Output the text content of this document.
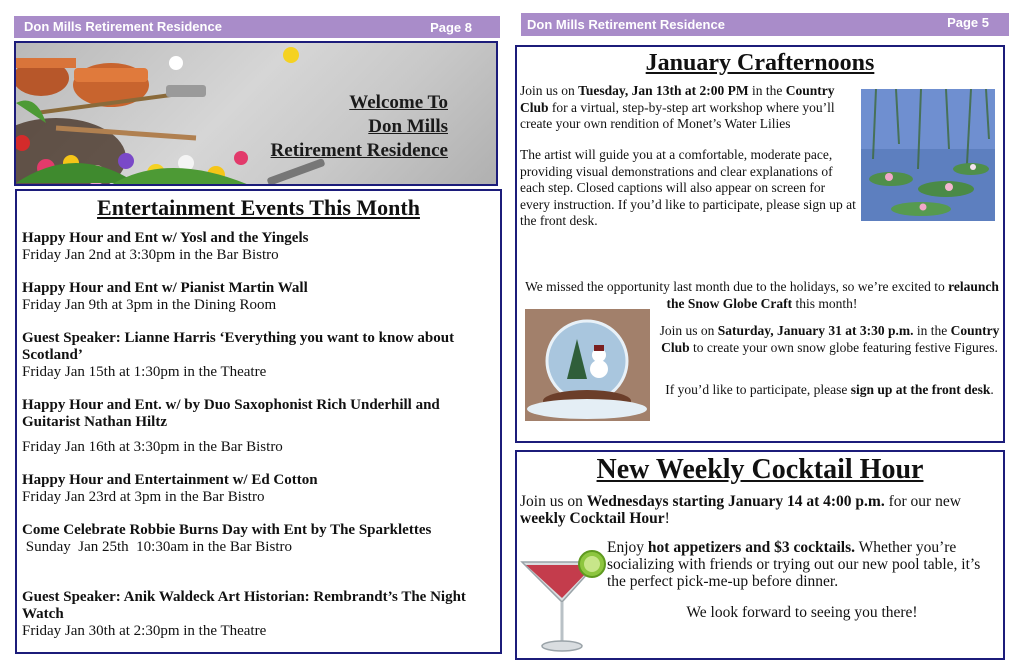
Don Mills Retirement Residence	Page 8	Don Mills Retirement Residence	Page 5
Welcome To
Don Mills
Retirement Residence
Entertainment Events This Month
Happy Hour and Ent w/ Yosl and the Yingels
Friday Jan 2nd at 3:30pm in the Bar Bistro
Happy Hour and Ent w/ Pianist Martin Wall
Friday Jan 9th at 3pm in the Dining Room
Guest Speaker: Lianne Harris ‘Everything you want to know about Scotland’
Friday Jan 15th at 1:30pm in the Theatre
Happy Hour and Ent. w/ by Duo Saxophonist Rich Underhill and Guitarist Nathan Hiltz
Friday Jan 16th at 3:30pm in the Bar Bistro
Happy Hour and Entertainment w/ Ed Cotton
Friday Jan 23rd at 3pm in the Bar Bistro
Come Celebrate Robbie Burns Day with Ent by The Sparklettes
Sunday  Jan 25th  10:30am in the Bar Bistro
Guest Speaker: Anik Waldeck Art Historian: Rembrandt’s The Night Watch
Friday Jan 30th at 2:30pm in the Theatre
January Crafternoons
Join us on Tuesday, Jan 13th at 2:00 PM in the Country Club for a virtual, step-by-step art workshop where you’ll create your own rendition of Monet’s Water Lilies
The artist will guide you at a comfortable, moderate pace, providing visual demonstrations and clear explanations of each step. Closed captions will also appear on screen for every instruction. If you’d like to participate, please sign up at the front desk.
We missed the opportunity last month due to the holidays, so we’re excited to relaunch the Snow Globe Craft this month!
Join us on Saturday, January 31 at 3:30 p.m. in the Country Club to create your own snow globe featuring festive Figures.
If you’d like to participate, please sign up at the front desk.
New Weekly Cocktail Hour
Join us on Wednesdays starting January 14 at 4:00 p.m. for our new weekly Cocktail Hour!
Enjoy hot appetizers and $3 cocktails. Whether you’re socializing with friends or trying out our new pool table, it’s the perfect pick-me-up before dinner.
We look forward to seeing you there!
